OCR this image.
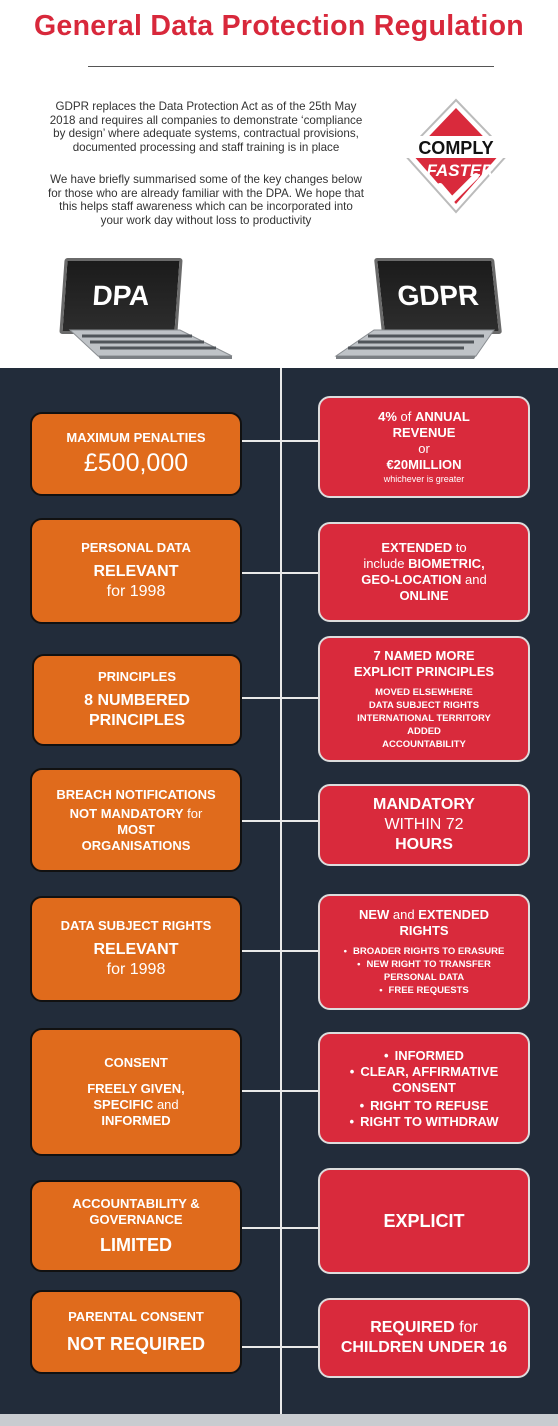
General Data Protection Regulation
GDPR replaces the Data Protection Act as of the 25th May
2018 and requires all companies to demonstrate ‘compliance
by design’ where adequate systems, contractual provisions,
documented processing and staff training is in place
We have briefly summarised some of the key changes below
for those who are already familiar with the DPA. We hope that
this helps staff awareness which can be incorporated into
your work day without loss to productivity
COMPLY
FASTER
DPA	GDPR
MAXIMUM PENALTIES
£500,000
4% of ANNUAL
REVENUE
or
€20MILLION
whichever is greater
PERSONAL DATA
RELEVANT
for 1998
EXTENDED to
include BIOMETRIC,
GEO-LOCATION and
ONLINE
PRINCIPLES
8 NUMBERED
PRINCIPLES
7 NAMED MORE
EXPLICIT PRINCIPLES
MOVED ELSEWHERE
DATA SUBJECT RIGHTS
INTERNATIONAL TERRITORY
ADDED
ACCOUNTABILITY
BREACH NOTIFICATIONS
NOT MANDATORY for
MOST
ORGANISATIONS
MANDATORY
WITHIN 72
HOURS
DATA SUBJECT RIGHTS
RELEVANT
for 1998
NEW and EXTENDED
RIGHTS
• BROADER RIGHTS TO ERASURE
• NEW RIGHT TO TRANSFER
PERSONAL DATA
• FREE REQUESTS
CONSENT
FREELY GIVEN,
SPECIFIC and
INFORMED
• INFORMED
• CLEAR, AFFIRMATIVE
CONSENT
• RIGHT TO REFUSE
• RIGHT TO WITHDRAW
ACCOUNTABILITY &
GOVERNANCE
LIMITED
EXPLICIT
PARENTAL CONSENT
NOT REQUIRED
REQUIRED for
CHILDREN UNDER 16
